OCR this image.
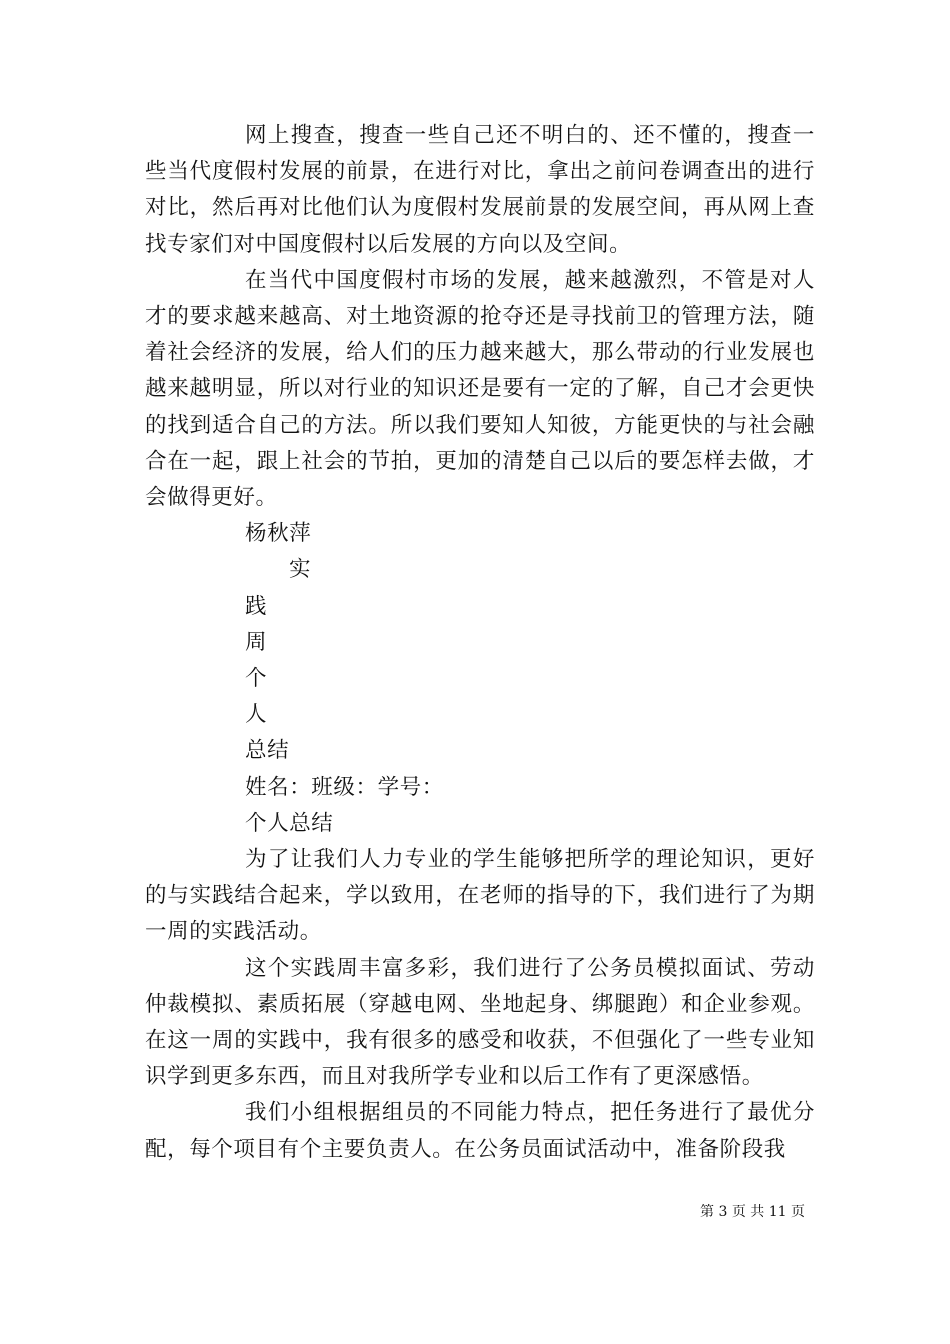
网上搜查，搜查一些自己还不明白的、还不懂的，搜查一些当代度假村发展的前景，在进行对比，拿出之前问卷调查出的进行对比，然后再对比他们认为度假村发展前景的发展空间，再从网上查找专家们对中国度假村以后发展的方向以及空间。

在当代中国度假村市场的发展，越来越激烈，不管是对人才的要求越来越高、对土地资源的抢夺还是寻找前卫的管理方法，随着社会经济的发展，给人们的压力越来越大，那么带动的行业发展也越来越明显，所以对行业的知识还是要有一定的了解，自己才会更快的找到适合自己的方法。所以我们要知人知彼，方能更快的与社会融合在一起，跟上社会的节拍，更加的清楚自己以后的要怎样去做，才会做得更好。

杨秋萍

实

践

周

个

人

总结

姓名：班级：学号：

个人总结

为了让我们人力专业的学生能够把所学的理论知识，更好的与实践结合起来，学以致用，在老师的指导的下，我们进行了为期一周的实践活动。

这个实践周丰富多彩，我们进行了公务员模拟面试、劳动仲裁模拟、素质拓展（穿越电网、坐地起身、绑腿跑）和企业参观。在这一周的实践中，我有很多的感受和收获，不但强化了一些专业知识学到更多东西，而且对我所学专业和以后工作有了更深感悟。

我们小组根据组员的不同能力特点，把任务进行了最优分配，每个项目有个主要负责人。在公务员面试活动中，准备阶段我

第 3 页 共 11 页
